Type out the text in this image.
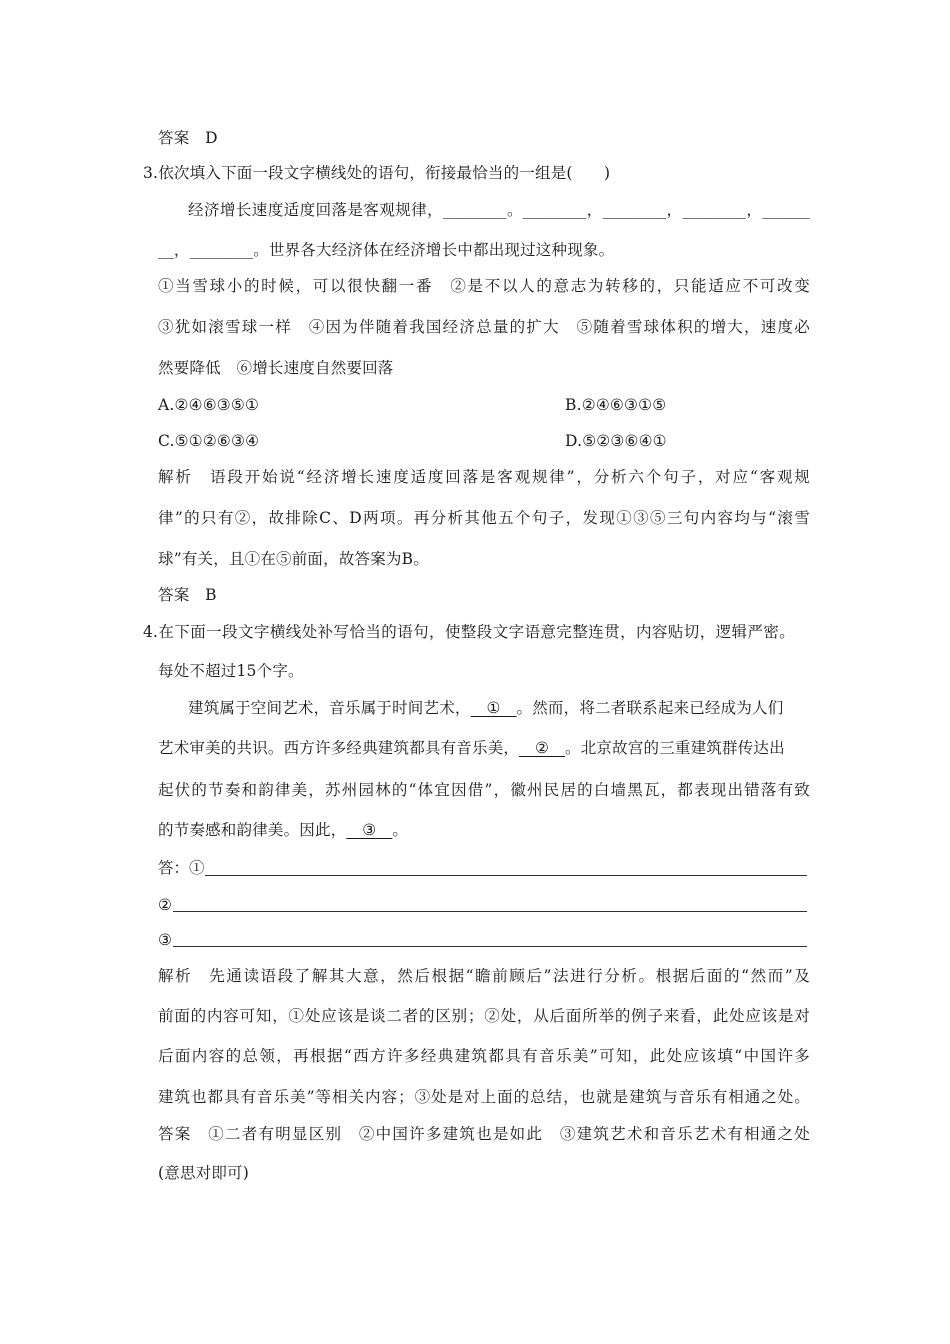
答案　D
3.依次填入下面一段文字横线处的语句，衔接最恰当的一组是(　　)
经济增长速度适度回落是客观规律，________。________，________，________，______
__，________。世界各大经济体在经济增长中都出现过这种现象。
①当雪球小的时候，可以很快翻一番　②是不以人的意志为转移的，只能适应不可改变
③犹如滚雪球一样　④因为伴随着我国经济总量的扩大　⑤随着雪球体积的增大，速度必
然要降低　⑥增长速度自然要回落
A.②④⑥③⑤①	B.②④⑥③①⑤
C.⑤①②⑥③④	D.⑤②③⑥④①
解析　语段开始说“经济增长速度适度回落是客观规律”，分析六个句子，对应“客观规
律”的只有②，故排除C、D两项。再分析其他五个句子，发现①③⑤三句内容均与“滚雪
球”有关，且①在⑤前面，故答案为B。
答案　B
4.在下面一段文字横线处补写恰当的语句，使整段文字语意完整连贯，内容贴切，逻辑严密。
每处不超过15个字。
建筑属于空间艺术，音乐属于时间艺术，__①__。然而，将二者联系起来已经成为人们
艺术审美的共识。西方许多经典建筑都具有音乐美，__②__。北京故宫的三重建筑群传达出
起伏的节奏和韵律美，苏州园林的“体宜因借”，徽州民居的白墙黑瓦，都表现出错落有致
的节奏感和韵律美。因此，__③__。
答：①
②
③
解析　先通读语段了解其大意，然后根据“瞻前顾后”法进行分析。根据后面的“然而”及
前面的内容可知，①处应该是谈二者的区别；②处，从后面所举的例子来看，此处应该是对
后面内容的总领，再根据“西方许多经典建筑都具有音乐美”可知，此处应该填“中国许多
建筑也都具有音乐美”等相关内容；③处是对上面的总结，也就是建筑与音乐有相通之处。
答案　①二者有明显区别　②中国许多建筑也是如此　③建筑艺术和音乐艺术有相通之处
(意思对即可)
